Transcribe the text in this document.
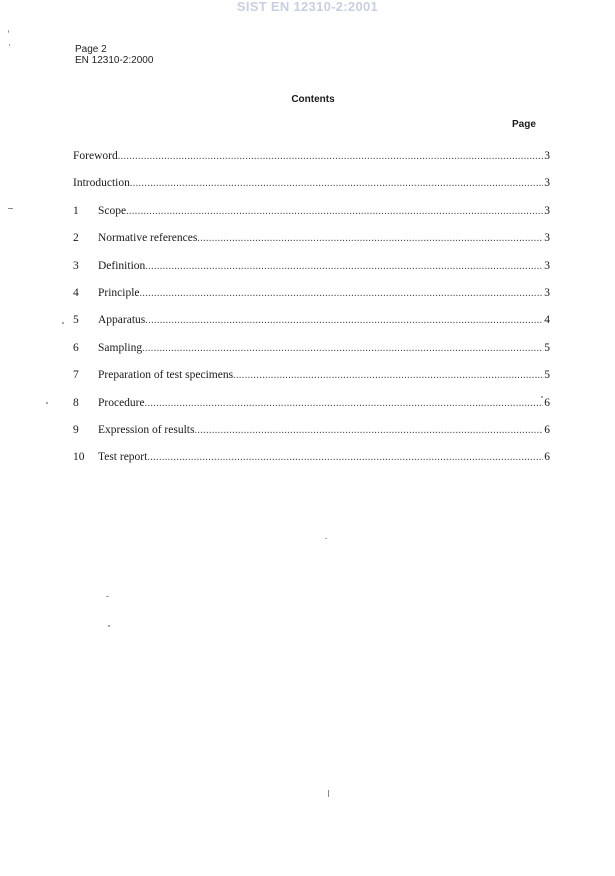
SIST EN 12310-2:2001
Page 2
EN 12310-2:2000
Contents
Page
Foreword .....	3
Introduction .....	3
1	Scope .....	3
2	Normative references .....	3
3	Definition .....	3
4	Principle .....	3
5	Apparatus .....	4
6	Sampling .....	5
7	Preparation of test specimens .....	5
8	Procedure .....	6
9	Expression of results .....	6
10	Test report .....	6
